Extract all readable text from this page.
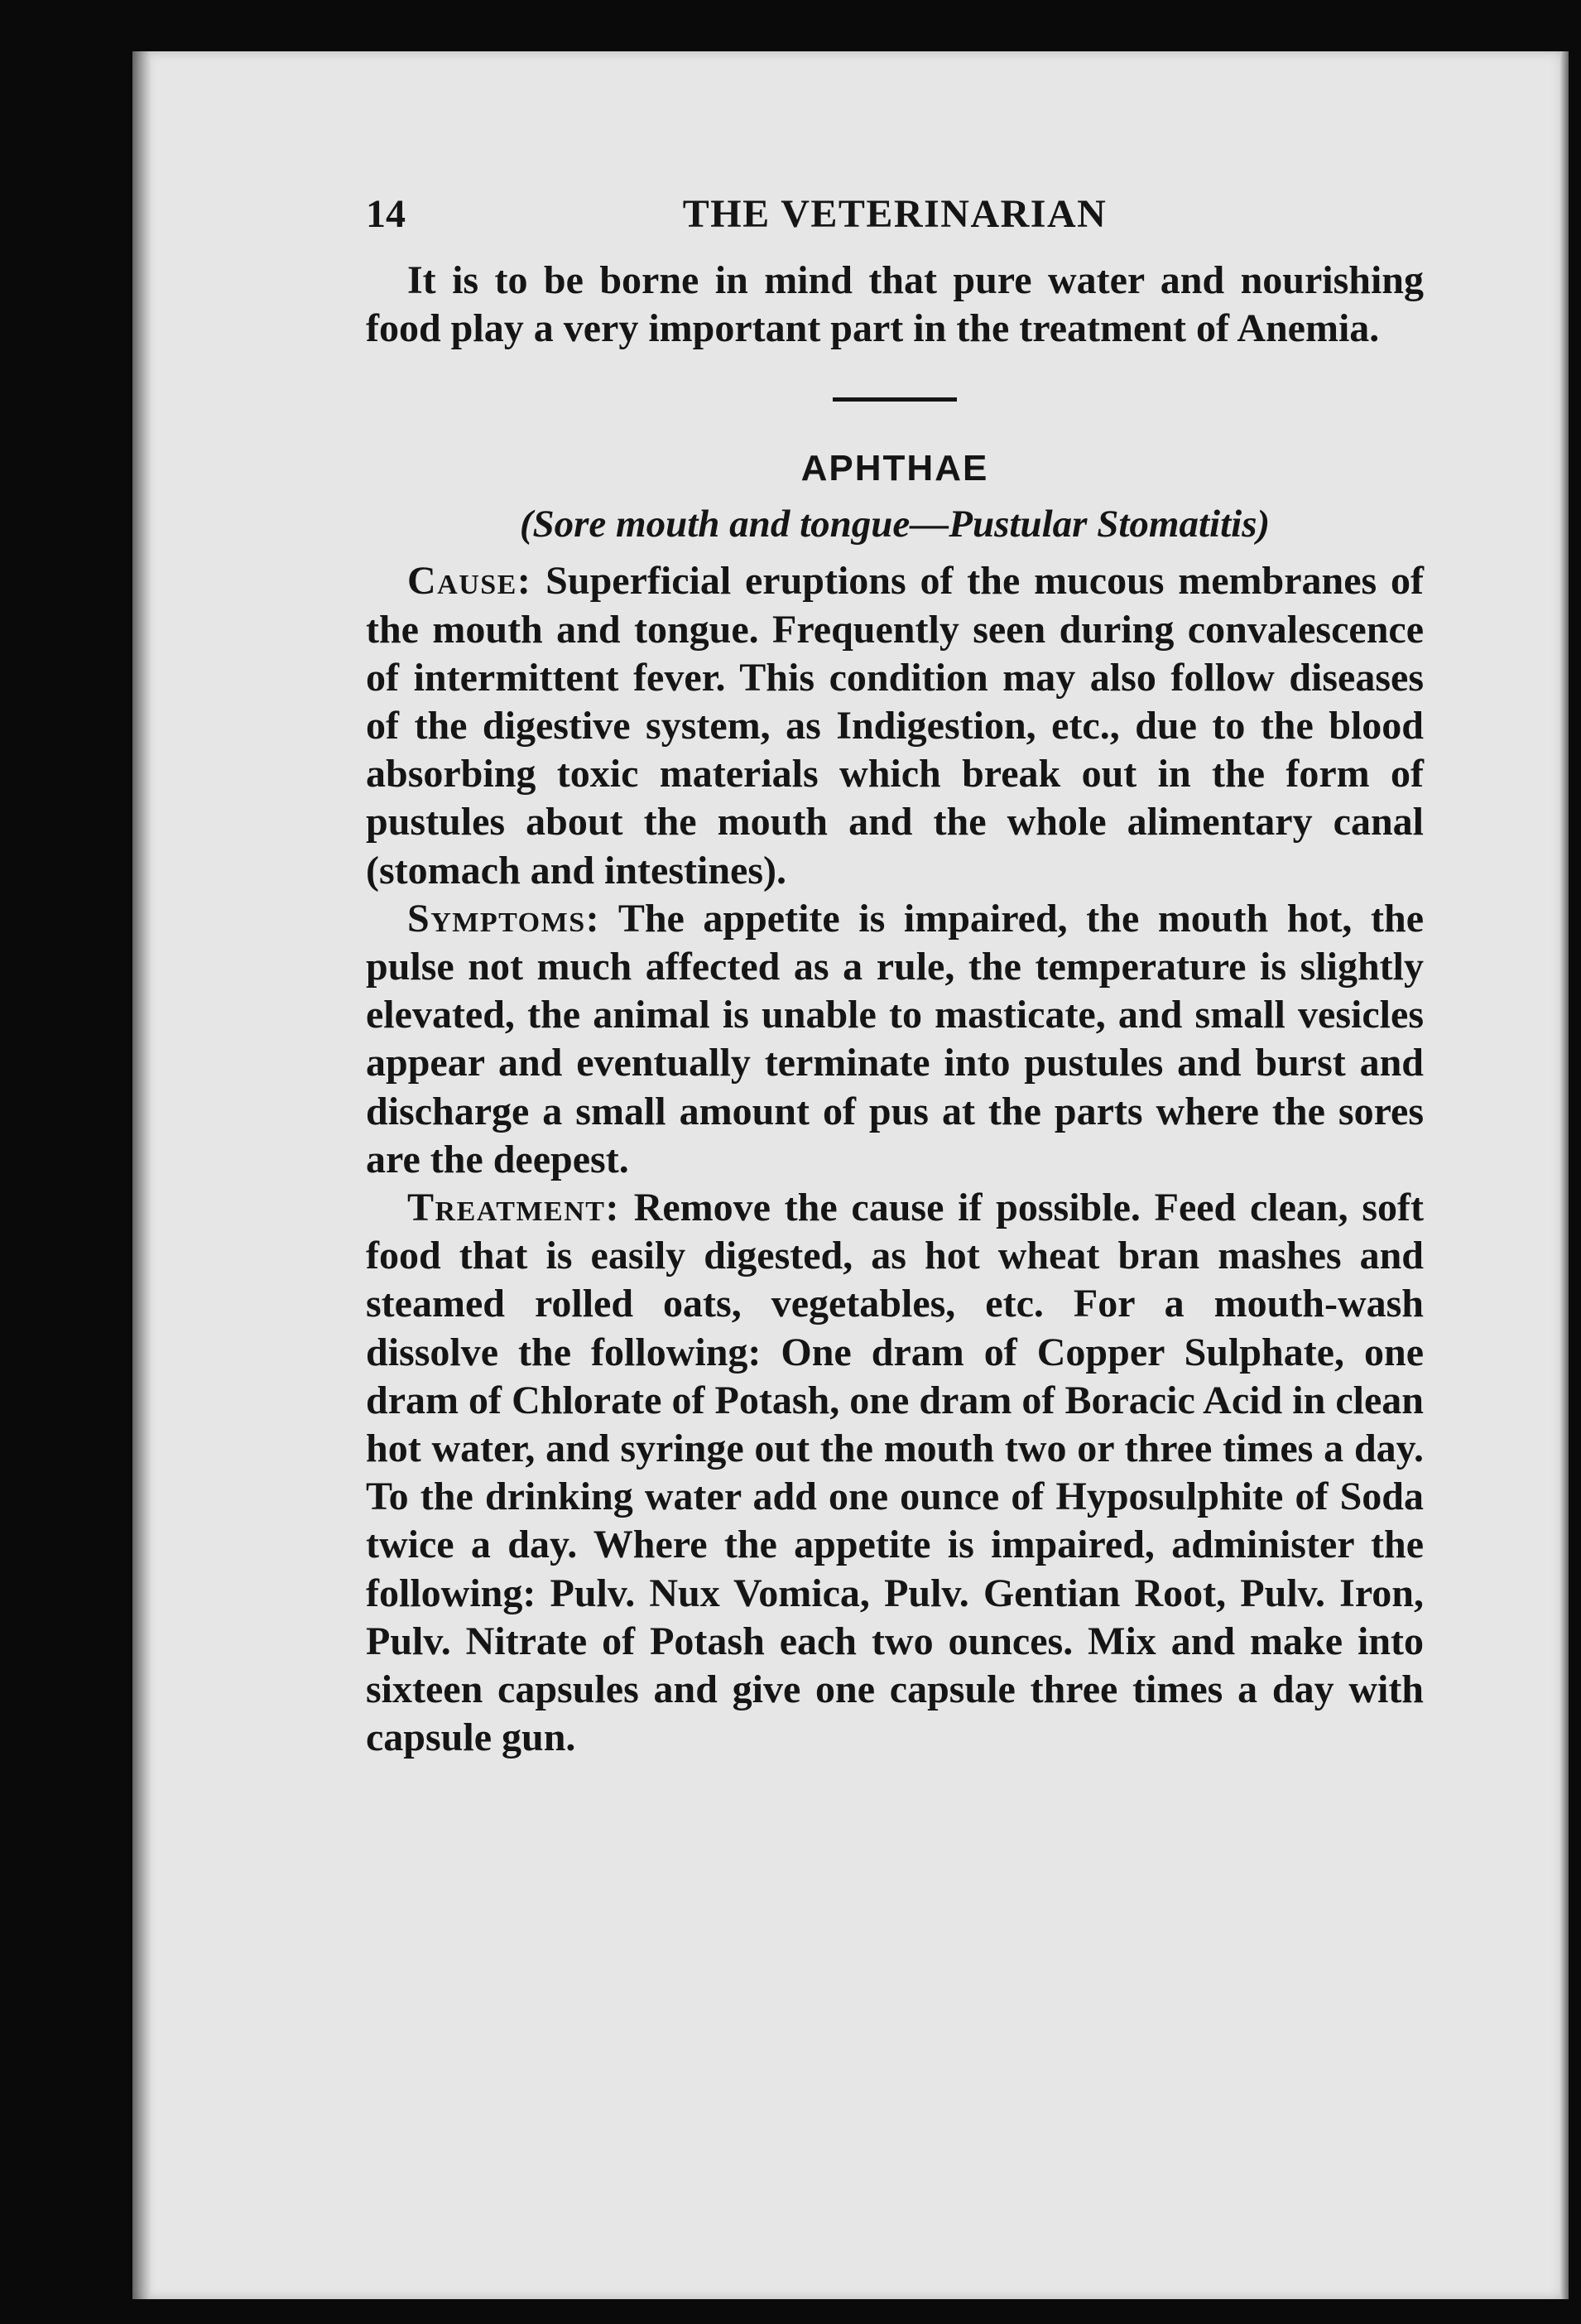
14	THE VETERINARIAN

It is to be borne in mind that pure water and nourishing food play a very important part in the treatment of Anemia.

APHTHAE
(Sore mouth and tongue—Pustular Stomatitis)

Cause: Superficial eruptions of the mucous membranes of the mouth and tongue. Frequently seen during convalescence of intermittent fever. This condition may also follow diseases of the digestive system, as Indigestion, etc., due to the blood absorbing toxic materials which break out in the form of pustules about the mouth and the whole alimentary canal (stomach and intestines).

Symptoms: The appetite is impaired, the mouth hot, the pulse not much affected as a rule, the temperature is slightly elevated, the animal is unable to masticate, and small vesicles appear and eventually terminate into pustules and burst and discharge a small amount of pus at the parts where the sores are the deepest.

Treatment: Remove the cause if possible. Feed clean, soft food that is easily digested, as hot wheat bran mashes and steamed rolled oats, vegetables, etc. For a mouth-wash dissolve the following: One dram of Copper Sulphate, one dram of Chlorate of Potash, one dram of Boracic Acid in clean hot water, and syringe out the mouth two or three times a day. To the drinking water add one ounce of Hyposulphite of Soda twice a day. Where the appetite is impaired, administer the following: Pulv. Nux Vomica, Pulv. Gentian Root, Pulv. Iron, Pulv. Nitrate of Potash each two ounces. Mix and make into sixteen capsules and give one capsule three times a day with capsule gun.
